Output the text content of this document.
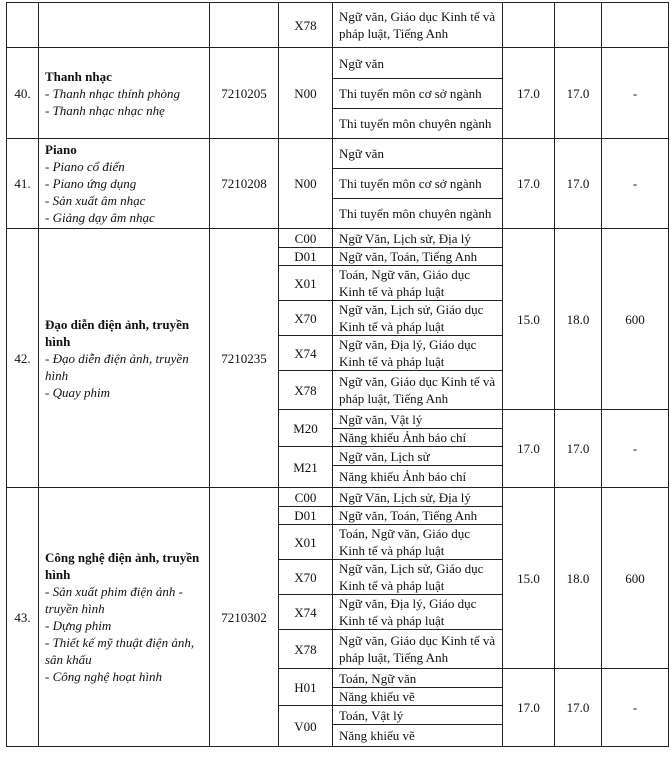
		X78	Ngữ văn, Giáo dục Kinh tế và pháp luật, Tiếng Anh			
40.	Thanh nhạc
- Thanh nhạc thính phòng
- Thanh nhạc nhạc nhẹ	7210205	N00	Ngữ văn	17.0	17.0	-
				Thi tuyển môn cơ sở ngành			
				Thi tuyển môn chuyên ngành			
41.	Piano
- Piano cổ điển
- Piano ứng dụng
- Sản xuất âm nhạc
- Giảng dạy âm nhạc	7210208	N00	Ngữ văn	17.0	17.0	-
				Thi tuyển môn cơ sở ngành			
				Thi tuyển môn chuyên ngành			
42.	Đạo diễn điện ảnh, truyền hình
- Đạo diễn điện ảnh, truyền hình
- Quay phim	7210235	C00	Ngữ Văn, Lịch sử, Địa lý	15.0	18.0	600
			D01	Ngữ văn, Toán, Tiếng Anh			
			X01	Toán, Ngữ văn, Giáo dục Kinh tế và pháp luật			
			X70	Ngữ văn, Lịch sử, Giáo dục Kinh tế và pháp luật			
			X74	Ngữ văn, Địa lý, Giáo dục Kinh tế và pháp luật			
			X78	Ngữ văn, Giáo dục Kinh tế và pháp luật, Tiếng Anh			
			M20	Ngữ văn, Vật lý	17.0	17.0	-
				Năng khiếu Ảnh báo chí			
			M21	Ngữ văn, Lịch sử			
				Năng khiếu Ảnh báo chí			
43.	Công nghệ điện ảnh, truyền hình
- Sản xuất phim điện ảnh - truyền hình
- Dựng phim
- Thiết kế mỹ thuật điện ảnh, sân khấu
- Công nghệ hoạt hình	7210302	C00	Ngữ Văn, Lịch sử, Địa lý	15.0	18.0	600
			D01	Ngữ văn, Toán, Tiếng Anh			
			X01	Toán, Ngữ văn, Giáo dục Kinh tế và pháp luật			
			X70	Ngữ văn, Lịch sử, Giáo dục Kinh tế và pháp luật			
			X74	Ngữ văn, Địa lý, Giáo dục Kinh tế và pháp luật			
			X78	Ngữ văn, Giáo dục Kinh tế và pháp luật, Tiếng Anh			
			H01	Toán, Ngữ văn	17.0	17.0	-
				Năng khiếu vẽ			
			V00	Toán, Vật lý			
				Năng khiếu vẽ			
